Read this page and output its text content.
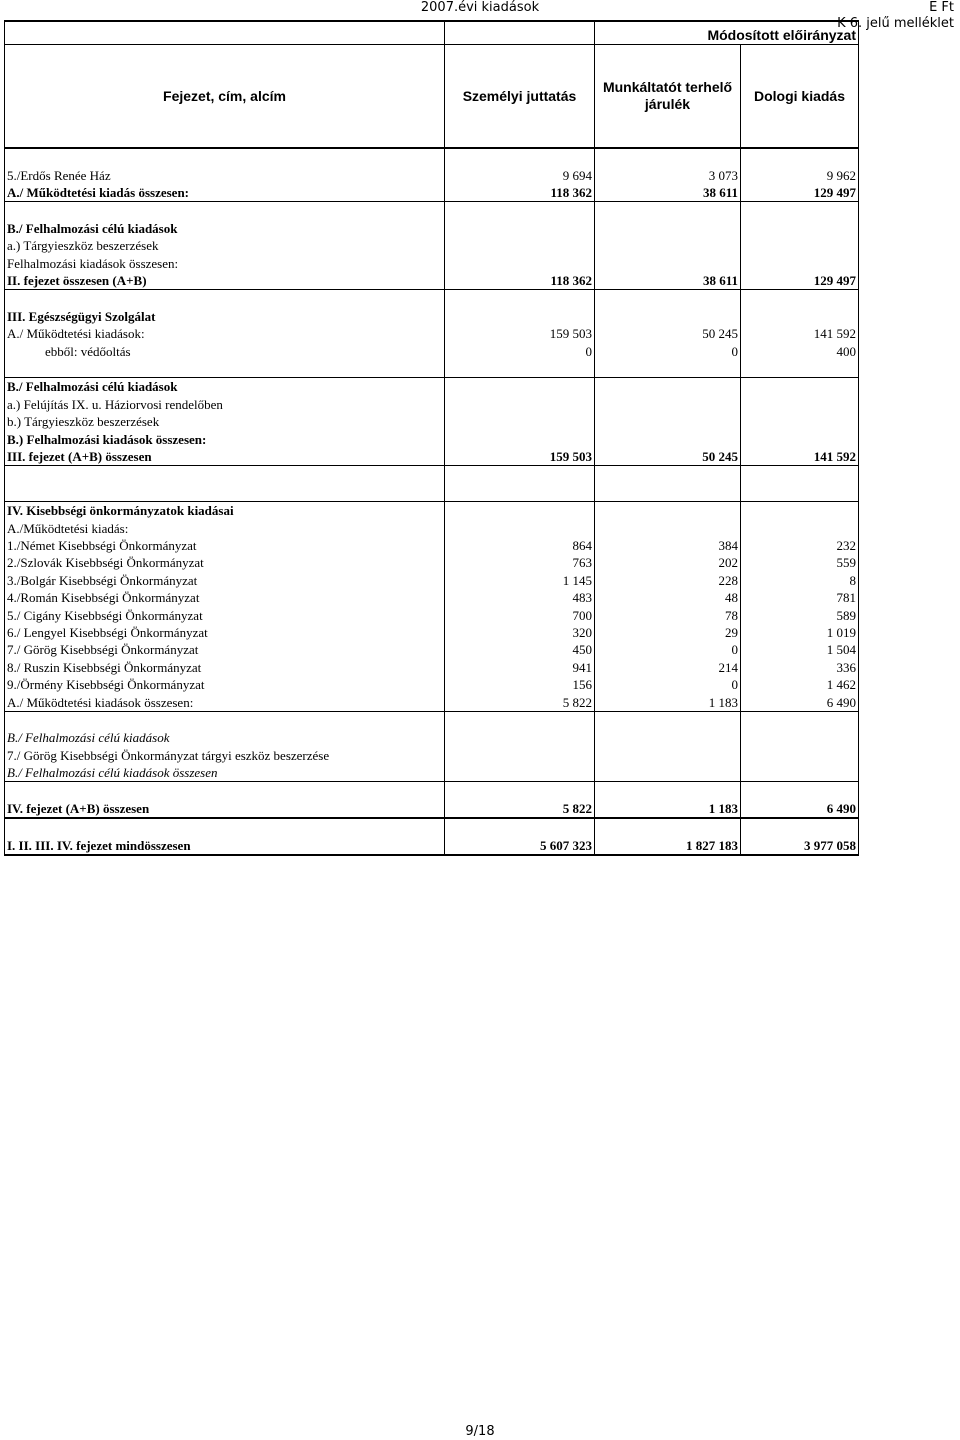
2007.évi kiadások	E Ft
K 6. jelű melléklet
		Módosított előirányzat	
Fejezet, cím, alcím	Személyi juttatás	Munkáltatót terhelő járulék	Dologi kiadás

5./Erdős Renée Ház	9 694	3 073	9 962
A./ Működtetési kiadás összesen:	118 362	38 611	129 497

B./ Felhalmozási célú kiadások			
a.) Tárgyieszköz beszerzések			
Felhalmozási kiadások összesen:			
II. fejezet összesen (A+B)	118 362	38 611	129 497

III. Egészségügyi Szolgálat			
A./ Működtetési kiadások:	159 503	50 245	141 592
ebből: védőoltás	0	0	400

B./ Felhalmozási célú kiadások			
a.) Felújítás IX. u. Háziorvosi rendelőben			
b.) Tárgyieszköz beszerzések			
B.) Felhalmozási kiadások összesen:			
III. fejezet (A+B) összesen	159 503	50 245	141 592

IV. Kisebbségi önkormányzatok kiadásai			
A./Működtetési kiadás:			
1./Német Kisebbségi Önkormányzat	864	384	232
2./Szlovák Kisebbségi Önkormányzat	763	202	559
3./Bolgár Kisebbségi Önkormányzat	1 145	228	8
4./Román Kisebbségi Önkormányzat	483	48	781
5./ Cigány Kisebbségi Önkormányzat	700	78	589
6./ Lengyel Kisebbségi Önkormányzat	320	29	1 019
7./ Görög Kisebbségi Önkormányzat	450	0	1 504
8./ Ruszin Kisebbségi Önkormányzat	941	214	336
9./Örmény Kisebbségi Önkormányzat	156	0	1 462
A./ Működtetési kiadások összesen:	5 822	1 183	6 490

B./ Felhalmozási célú kiadások			
7./ Görög Kisebbségi Önkormányzat tárgyi eszköz beszerzése			
B./ Felhalmozási célú kiadások összesen			

IV. fejezet (A+B) összesen	5 822	1 183	6 490

I. II. III. IV. fejezet mindösszesen	5 607 323	1 827 183	3 977 058
9/18
